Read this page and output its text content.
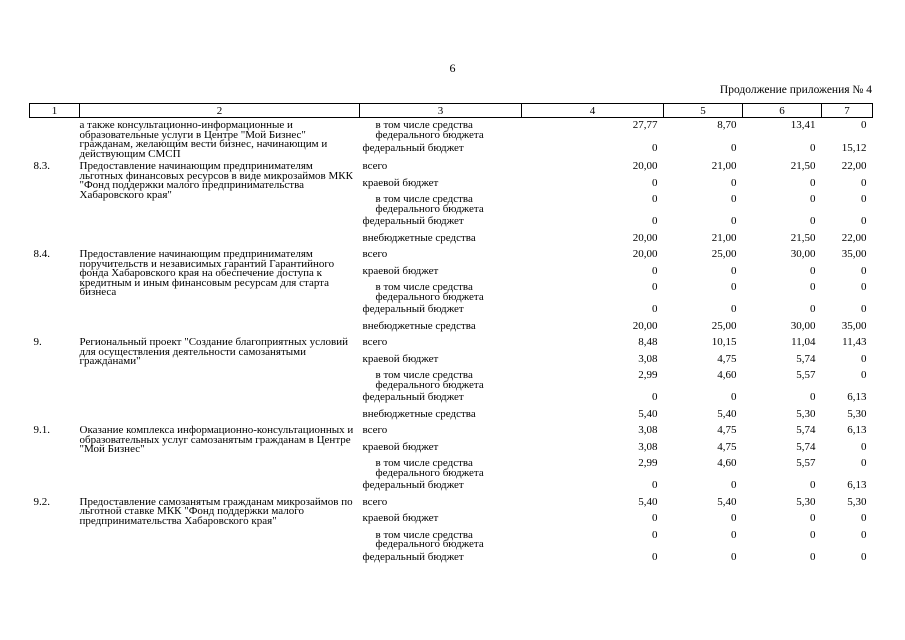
6
Продолжение приложения № 4
1	2	3	4	5	6	7

	а также консультационно-информационные и образовательные услуги в Центре "Мой Бизнес" гражданам, желающим вести бизнес, начинающим и действующим СМСП	в том числе средства федерального бюджета	27,77	8,70	13,41	0

		федеральный бюджет	0	0	0	15,12

8.3.	Предоставление начинающим предпринимателям льготных финансовых ресурсов в виде микрозаймов МКК "Фонд поддержки малого предпринимательства Хабаровского края"	всего	20,00	21,00	21,50	22,00

		краевой бюджет	0	0	0	0

		в том числе средства федерального бюджета	0	0	0	0

		федеральный бюджет	0	0	0	0

		внебюджетные средства	20,00	21,00	21,50	22,00

8.4.	Предоставление начинающим предпринимателям поручительств и независимых гарантий Гарантийного фонда Хабаровского края на обеспечение доступа к кредитным и иным финансовым ресурсам для старта бизнеса	всего	20,00	25,00	30,00	35,00

		краевой бюджет	0	0	0	0

		в том числе средства федерального бюджета	0	0	0	0

		федеральный бюджет	0	0	0	0

		внебюджетные средства	20,00	25,00	30,00	35,00

9.	Региональный проект "Создание благоприятных условий для осуществления деятельности самозанятыми гражданами"	всего	8,48	10,15	11,04	11,43

		краевой бюджет	3,08	4,75	5,74	0

		в том числе средства федерального бюджета	2,99	4,60	5,57	0

		федеральный бюджет	0	0	0	6,13

		внебюджетные средства	5,40	5,40	5,30	5,30

9.1.	Оказание комплекса информационно-консультационных и образовательных услуг самозанятым гражданам в Центре "Мой Бизнес"	всего	3,08	4,75	5,74	6,13

		краевой бюджет	3,08	4,75	5,74	0

		в том числе средства федерального бюджета	2,99	4,60	5,57	0

		федеральный бюджет	0	0	0	6,13

9.2.	Предоставление самозанятым гражданам микрозаймов по льготной ставке МКК "Фонд поддержки малого предпринимательства Хабаровского края"	всего	5,40	5,40	5,30	5,30

		краевой бюджет	0	0	0	0

		в том числе средства федерального бюджета	0	0	0	0

		федеральный бюджет	0	0	0	0
